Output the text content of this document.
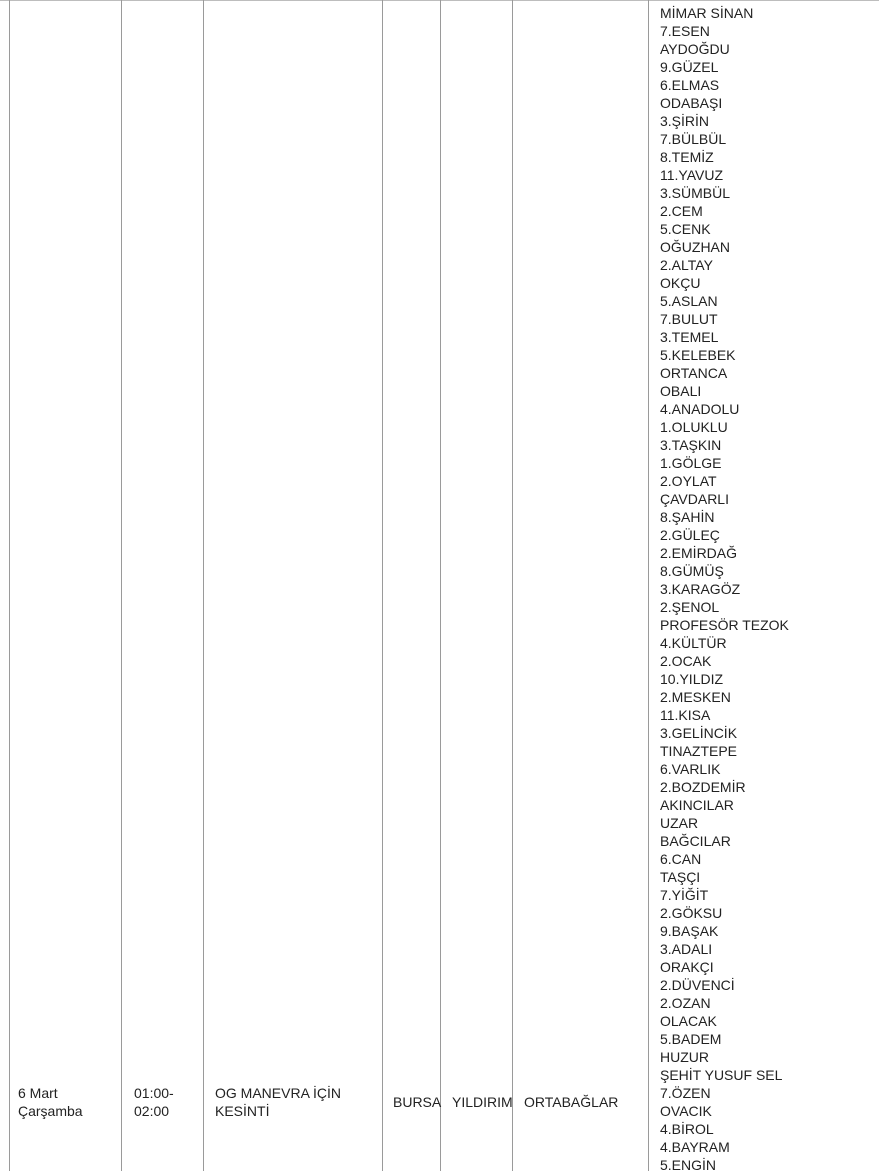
6 Mart
Çarşamba
01:00-
02:00
OG MANEVRA İÇİN
KESİNTİ
BURSA YILDIRIM ORTABAĞLAR
MİMAR SİNAN
7.ESEN
AYDOĞDU
9.GÜZEL
6.ELMAS
ODABAŞI
3.ŞİRİN
7.BÜLBÜL
8.TEMİZ
11.YAVUZ
3.SÜMBÜL
2.CEM
5.CENK
OĞUZHAN
2.ALTAY
OKÇU
5.ASLAN
7.BULUT
3.TEMEL
5.KELEBEK
ORTANCA
OBALI
4.ANADOLU
1.OLUKLU
3.TAŞKIN
1.GÖLGE
2.OYLAT
ÇAVDARLI
8.ŞAHİN
2.GÜLEÇ
2.EMİRDAĞ
8.GÜMÜŞ
3.KARAGÖZ
2.ŞENOL
PROFESÖR TEZOK
4.KÜLTÜR
2.OCAK
10.YILDIZ
2.MESKEN
11.KISA
3.GELİNCİK
TINAZTEPE
6.VARLIK
2.BOZDEMİR
AKINCILAR
UZAR
BAĞCILAR
6.CAN
TAŞÇI
7.YİĞİT
2.GÖKSU
9.BAŞAK
3.ADALI
ORAKÇI
2.DÜVENCİ
2.OZAN
OLACAK
5.BADEM
HUZUR
ŞEHİT YUSUF SEL
7.ÖZEN
OVACIK
4.BİROL
4.BAYRAM
5.ENGİN
